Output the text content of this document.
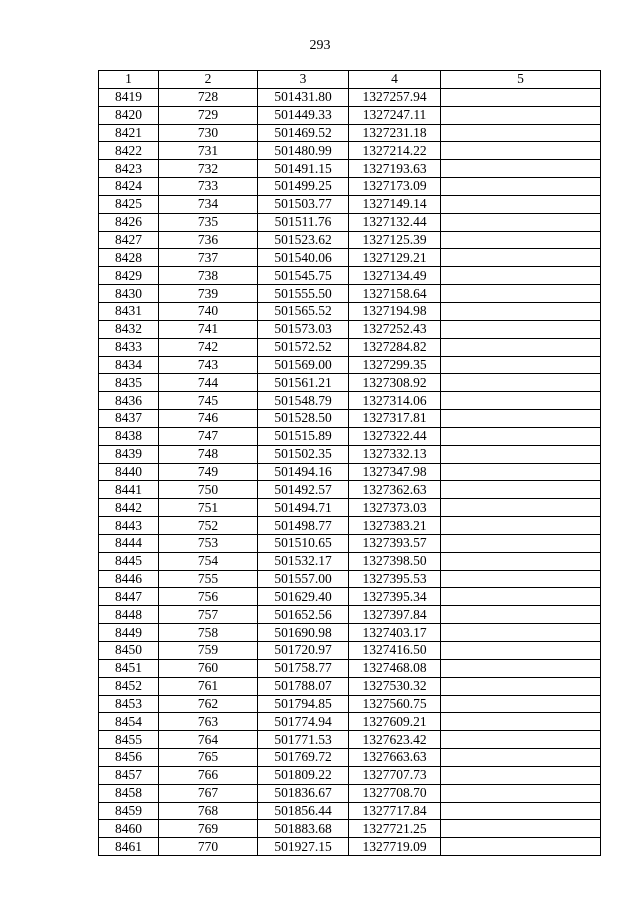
293
1	2	3	4	5
8419	728	501431.80	1327257.94	
8420	729	501449.33	1327247.11	
8421	730	501469.52	1327231.18	
8422	731	501480.99	1327214.22	
8423	732	501491.15	1327193.63	
8424	733	501499.25	1327173.09	
8425	734	501503.77	1327149.14	
8426	735	501511.76	1327132.44	
8427	736	501523.62	1327125.39	
8428	737	501540.06	1327129.21	
8429	738	501545.75	1327134.49	
8430	739	501555.50	1327158.64	
8431	740	501565.52	1327194.98	
8432	741	501573.03	1327252.43	
8433	742	501572.52	1327284.82	
8434	743	501569.00	1327299.35	
8435	744	501561.21	1327308.92	
8436	745	501548.79	1327314.06	
8437	746	501528.50	1327317.81	
8438	747	501515.89	1327322.44	
8439	748	501502.35	1327332.13	
8440	749	501494.16	1327347.98	
8441	750	501492.57	1327362.63	
8442	751	501494.71	1327373.03	
8443	752	501498.77	1327383.21	
8444	753	501510.65	1327393.57	
8445	754	501532.17	1327398.50	
8446	755	501557.00	1327395.53	
8447	756	501629.40	1327395.34	
8448	757	501652.56	1327397.84	
8449	758	501690.98	1327403.17	
8450	759	501720.97	1327416.50	
8451	760	501758.77	1327468.08	
8452	761	501788.07	1327530.32	
8453	762	501794.85	1327560.75	
8454	763	501774.94	1327609.21	
8455	764	501771.53	1327623.42	
8456	765	501769.72	1327663.63	
8457	766	501809.22	1327707.73	
8458	767	501836.67	1327708.70	
8459	768	501856.44	1327717.84	
8460	769	501883.68	1327721.25	
8461	770	501927.15	1327719.09	
